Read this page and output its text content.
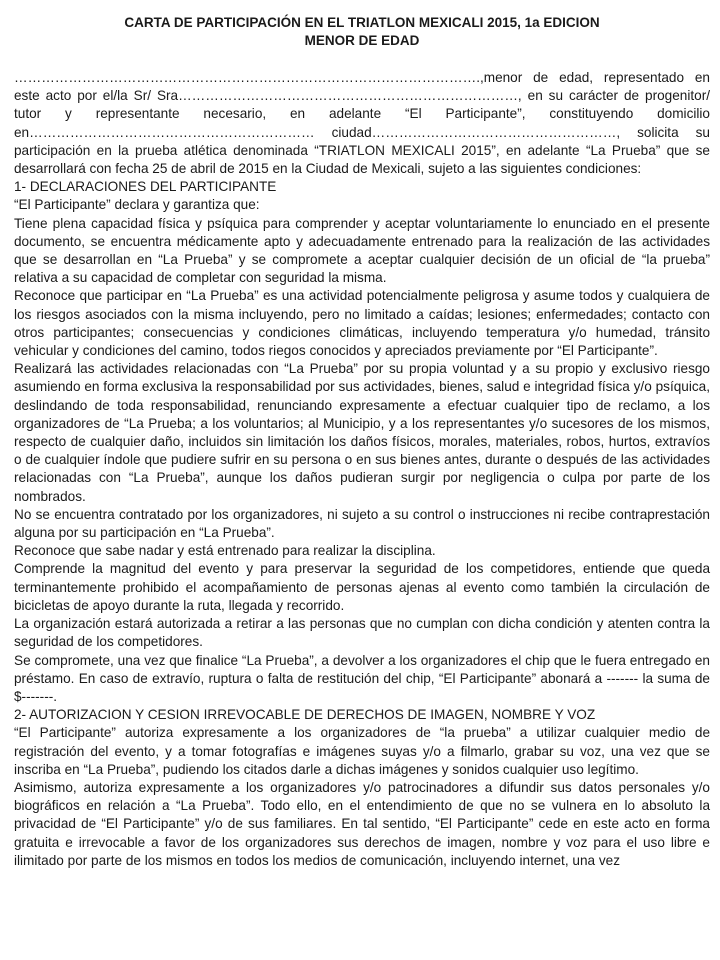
CARTA DE PARTICIPACIÓN EN EL TRIATLON MEXICALI 2015, 1a EDICION
MENOR DE EDAD

………………………………………………………………………………………….,menor de edad, representado en este acto por el/la Sr/ Sra…………………………………………………………………, en su carácter de progenitor/ tutor y representante necesario, en adelante “El Participante”, constituyendo domicilio en……………………………………………………… ciudad………………………………………………, solicita su participación en la prueba atlética denominada “TRIATLON MEXICALI 2015”, en adelante “La Prueba” que se desarrollará con fecha 25 de abril de 2015 en la Ciudad de Mexicali, sujeto a las siguientes condiciones:

1- DECLARACIONES DEL PARTICIPANTE

“El Participante” declara y garantiza que:

Tiene plena capacidad física y psíquica para comprender y aceptar voluntariamente lo enunciado en el presente documento, se encuentra médicamente apto y adecuadamente entrenado para la realización de las actividades que se desarrollan en “La Prueba” y se compromete a aceptar cualquier decisión de un oficial de “la prueba” relativa a su capacidad de completar con seguridad la misma.

Reconoce que participar en “La Prueba” es una actividad potencialmente peligrosa y asume todos y cualquiera de los riesgos asociados con la misma incluyendo, pero no limitado a caídas; lesiones; enfermedades; contacto con otros participantes; consecuencias y condiciones climáticas, incluyendo temperatura y/o humedad, tránsito vehicular y condiciones del camino, todos riegos conocidos y apreciados previamente por “El Participante”.

Realizará las actividades relacionadas con “La Prueba” por su propia voluntad y a su propio y exclusivo riesgo asumiendo en forma exclusiva la responsabilidad por sus actividades, bienes, salud e integridad física y/o psíquica, deslindando de toda responsabilidad, renunciando expresamente a efectuar cualquier tipo de reclamo, a los organizadores de “La Prueba; a los voluntarios; al Municipio, y a los representantes y/o sucesores de los mismos, respecto de cualquier daño, incluidos sin limitación los daños físicos, morales, materiales, robos, hurtos, extravíos o de cualquier índole que pudiere sufrir en su persona o en sus bienes antes, durante o después de las actividades relacionadas con “La Prueba”, aunque los daños pudieran surgir por negligencia o culpa por parte de los nombrados.

No se encuentra contratado por los organizadores, ni sujeto a su control o instrucciones ni recibe contraprestación alguna por su participación en “La Prueba”.

Reconoce que sabe nadar y está entrenado para realizar la disciplina.

Comprende la magnitud del evento y para preservar la seguridad de los competidores, entiende que queda terminantemente prohibido el acompañamiento de personas ajenas al evento como también la circulación de bicicletas de apoyo durante la ruta, llegada y recorrido.

La organización estará autorizada a retirar a las personas que no cumplan con dicha condición y atenten contra la seguridad de los competidores.

Se compromete, una vez que finalice “La Prueba”, a devolver a los organizadores el chip que le fuera entregado en préstamo. En caso de extravío, ruptura o falta de restitución del chip, “El Participante” abonará a ------- la suma de $-------.

2- AUTORIZACION Y CESION IRREVOCABLE DE DERECHOS DE IMAGEN, NOMBRE Y VOZ

“El Participante” autoriza expresamente a los organizadores de “la prueba” a utilizar cualquier medio de registración del evento, y a tomar fotografías e imágenes suyas y/o a filmarlo, grabar su voz, una vez que se inscriba en “La Prueba”, pudiendo los citados darle a dichas imágenes y sonidos cualquier uso legítimo.

Asimismo, autoriza expresamente a los organizadores y/o patrocinadores a difundir sus datos personales y/o biográficos en relación a “La Prueba”. Todo ello, en el entendimiento de que no se vulnera en lo absoluto la privacidad de “El Participante” y/o de sus familiares. En tal sentido, “El Participante” cede en este acto en forma gratuita e irrevocable a favor de los organizadores sus derechos de imagen, nombre y voz para el uso libre e ilimitado por parte de los mismos en todos los medios de comunicación, incluyendo internet, una vez
